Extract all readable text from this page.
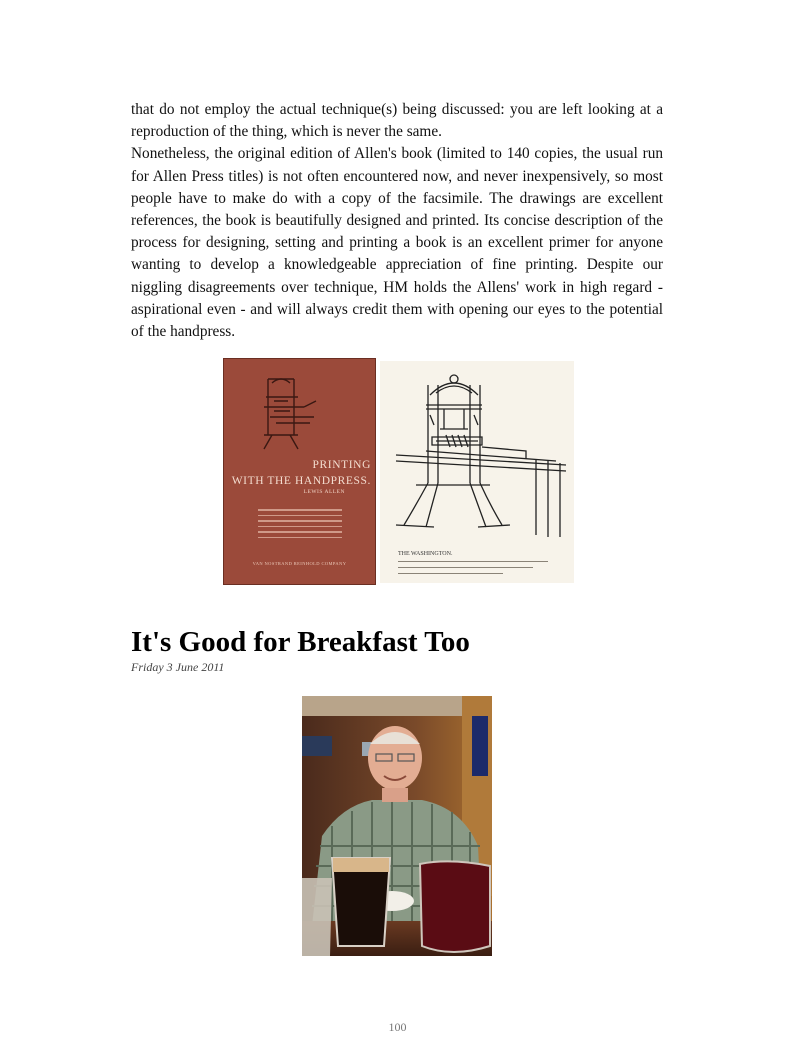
that do not employ the actual technique(s) being discussed: you are left looking at a reproduction of the thing, which is never the same.

Nonetheless, the original edition of Allen's book (limited to 140 copies, the usual run for Allen Press titles) is not often encountered now, and never inexpensively, so most people have to make do with a copy of the facsimile. The drawings are excellent references, the book is beautifully designed and printed. Its concise description of the process for designing, setting and printing a book is an excellent primer for anyone wanting to develop a knowledgeable appreciation of fine printing. Despite our niggling disagreements over technique, HM holds the Allens' work in high regard - aspirational even - and will always credit them with opening our eyes to the potential of the handpress.

PRINTING
WITH THE HANDPRESS.
LEWIS ALLEN
VAN NOSTRAND REINHOLD COMPANY
THE WASHINGTON.
It's Good for Breakfast Too
Friday 3 June 2011
100
